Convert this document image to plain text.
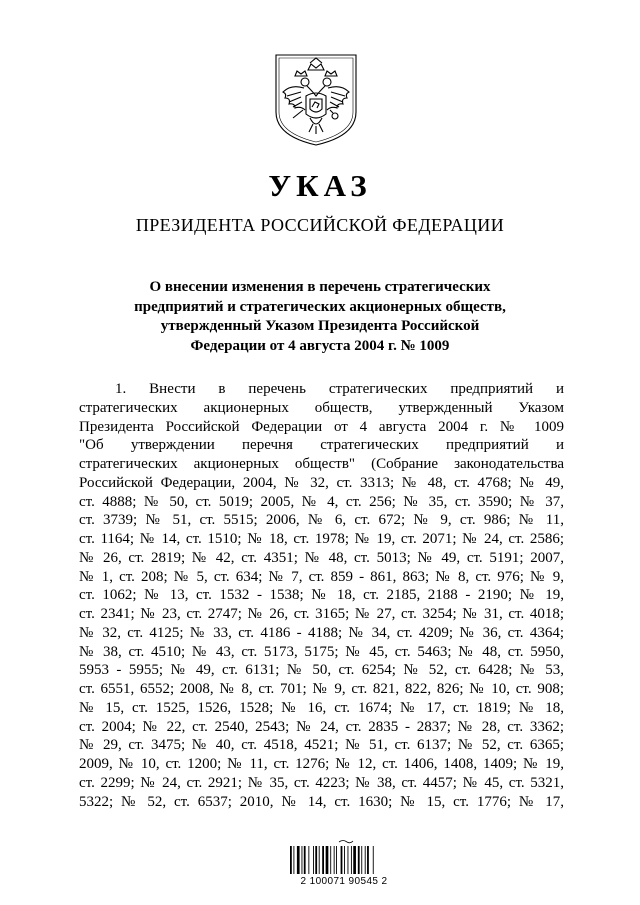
УКАЗ
ПРЕЗИДЕНТА РОССИЙСКОЙ ФЕДЕРАЦИИ
О внесении изменения в перечень стратегических
предприятий и стратегических акционерных обществ,
утвержденный Указом Президента Российской
Федерации от 4 августа 2004 г. № 1009
1. Внести в перечень стратегических предприятий и
стратегических акционерных обществ, утвержденный Указом
Президента Российской Федерации от 4 августа 2004 г. № 1009
"Об утверждении перечня стратегических предприятий и
стратегических акционерных обществ" (Собрание законодательства
Российской Федерации, 2004, № 32, ст. 3313; № 48, ст. 4768; № 49,
ст. 4888; № 50, ст. 5019; 2005, № 4, ст. 256; № 35, ст. 3590; № 37,
ст. 3739; № 51, ст. 5515; 2006, № 6, ст. 672; № 9, ст. 986; № 11,
ст. 1164; № 14, ст. 1510; № 18, ст. 1978; № 19, ст. 2071; № 24, ст. 2586;
№ 26, ст. 2819; № 42, ст. 4351; № 48, ст. 5013; № 49, ст. 5191; 2007,
№ 1, ст. 208; № 5, ст. 634; № 7, ст. 859 - 861, 863; № 8, ст. 976; № 9,
ст. 1062; № 13, ст. 1532 - 1538; № 18, ст. 2185, 2188 - 2190; № 19,
ст. 2341; № 23, ст. 2747; № 26, ст. 3165; № 27, ст. 3254; № 31, ст. 4018;
№ 32, ст. 4125; № 33, ст. 4186 - 4188; № 34, ст. 4209; № 36, ст. 4364;
№ 38, ст. 4510; № 43, ст. 5173, 5175; № 45, ст. 5463; № 48, ст. 5950,
5953 - 5955; № 49, ст. 6131; № 50, ст. 6254; № 52, ст. 6428; № 53,
ст. 6551, 6552; 2008, № 8, ст. 701; № 9, ст. 821, 822, 826; № 10, ст. 908;
№ 15, ст. 1525, 1526, 1528; № 16, ст. 1674; № 17, ст. 1819; № 18,
ст. 2004; № 22, ст. 2540, 2543; № 24, ст. 2835 - 2837; № 28, ст. 3362;
№ 29, ст. 3475; № 40, ст. 4518, 4521; № 51, ст. 6137; № 52, ст. 6365;
2009, № 10, ст. 1200; № 11, ст. 1276; № 12, ст. 1406, 1408, 1409; № 19,
ст. 2299; № 24, ст. 2921; № 35, ст. 4223; № 38, ст. 4457; № 45, ст. 5321,
5322; № 52, ст. 6537; 2010, № 14, ст. 1630; № 15, ст. 1776; № 17,
2 100071 90545 2
